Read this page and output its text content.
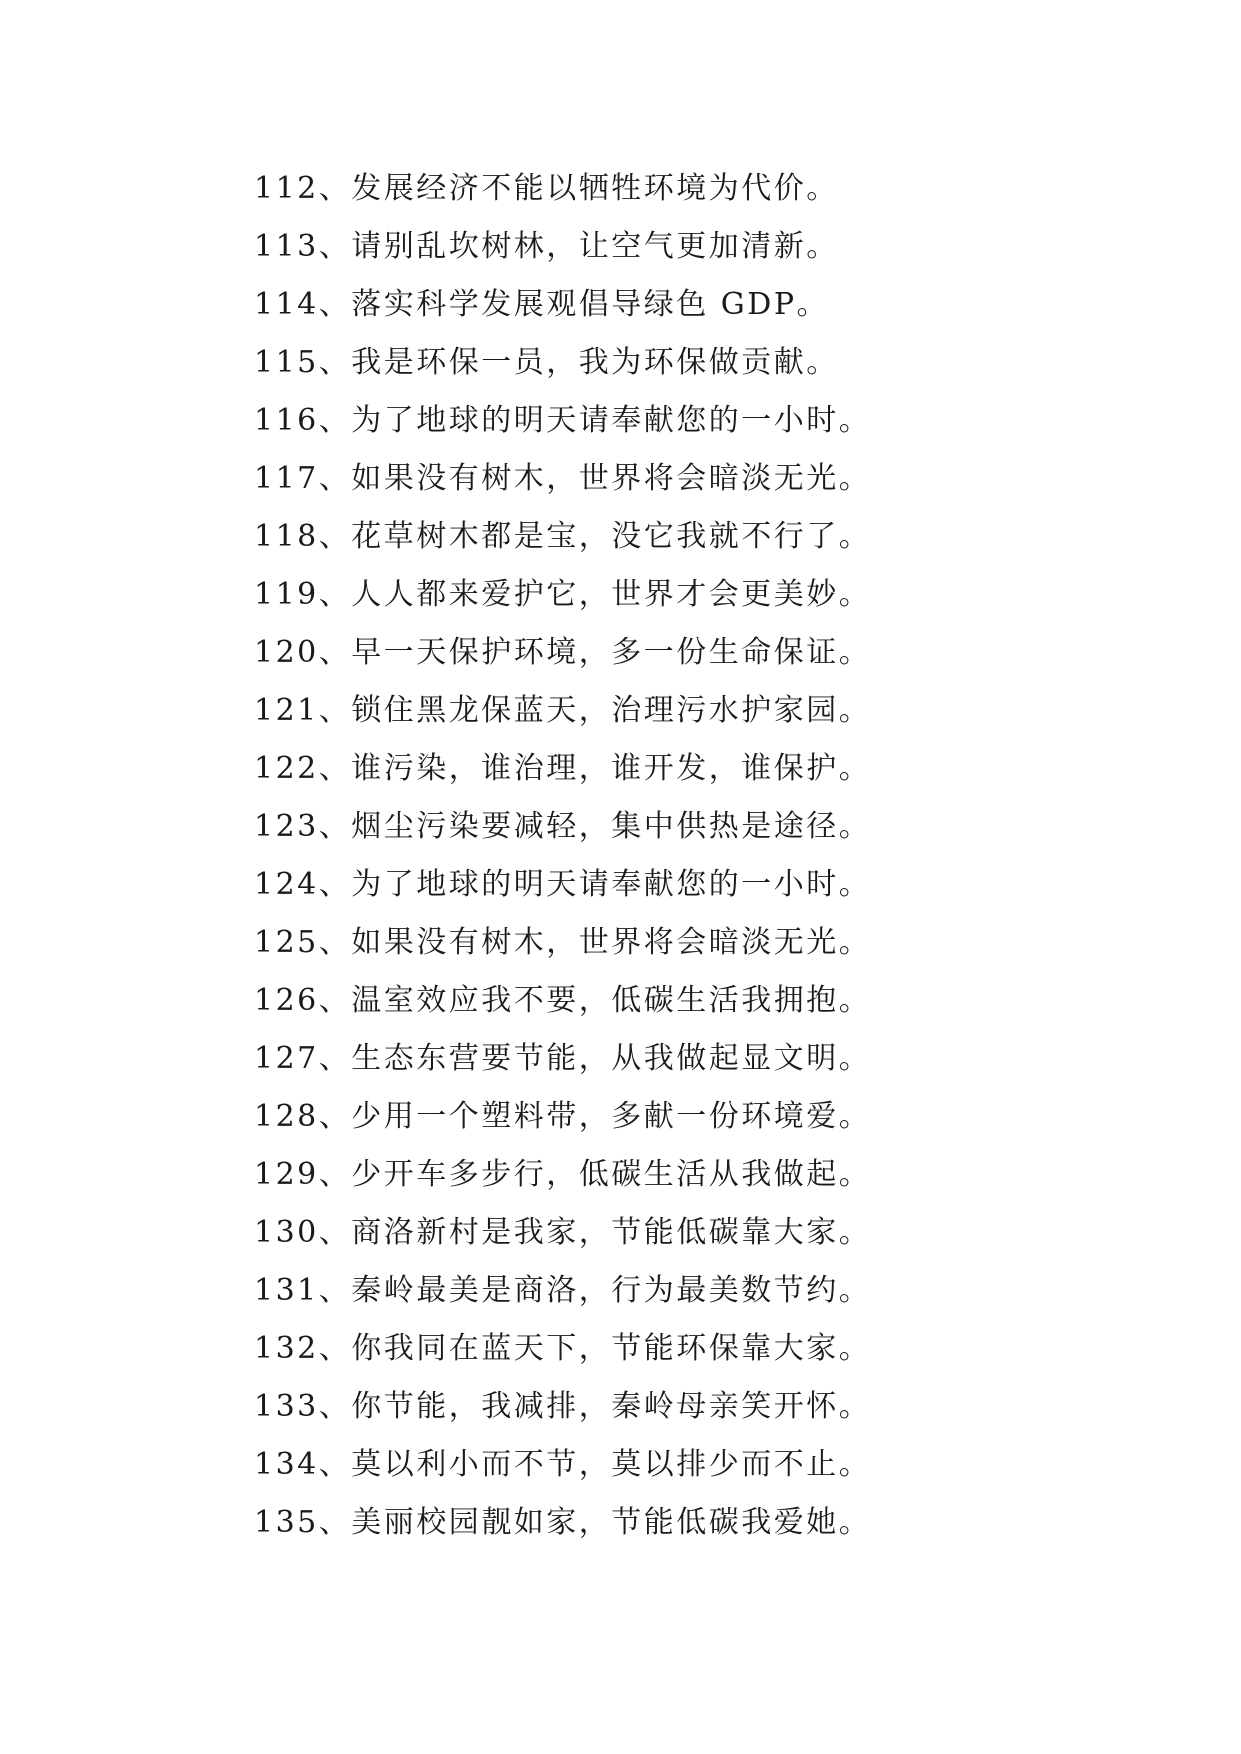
112、发展经济不能以牺牲环境为代价。
113、请别乱坎树林，让空气更加清新。
114、落实科学发展观倡导绿色 GDP。
115、我是环保一员，我为环保做贡献。
116、为了地球的明天请奉献您的一小时。
117、如果没有树木，世界将会暗淡无光。
118、花草树木都是宝，没它我就不行了。
119、人人都来爱护它，世界才会更美妙。
120、早一天保护环境，多一份生命保证。
121、锁住黑龙保蓝天，治理污水护家园。
122、谁污染，谁治理，谁开发，谁保护。
123、烟尘污染要减轻，集中供热是途径。
124、为了地球的明天请奉献您的一小时。
125、如果没有树木，世界将会暗淡无光。
126、温室效应我不要，低碳生活我拥抱。
127、生态东营要节能，从我做起显文明。
128、少用一个塑料带，多献一份环境爱。
129、少开车多步行，低碳生活从我做起。
130、商洛新村是我家，节能低碳靠大家。
131、秦岭最美是商洛，行为最美数节约。
132、你我同在蓝天下，节能环保靠大家。
133、你节能，我减排，秦岭母亲笑开怀。
134、莫以利小而不节，莫以排少而不止。
135、美丽校园靓如家，节能低碳我爱她。
